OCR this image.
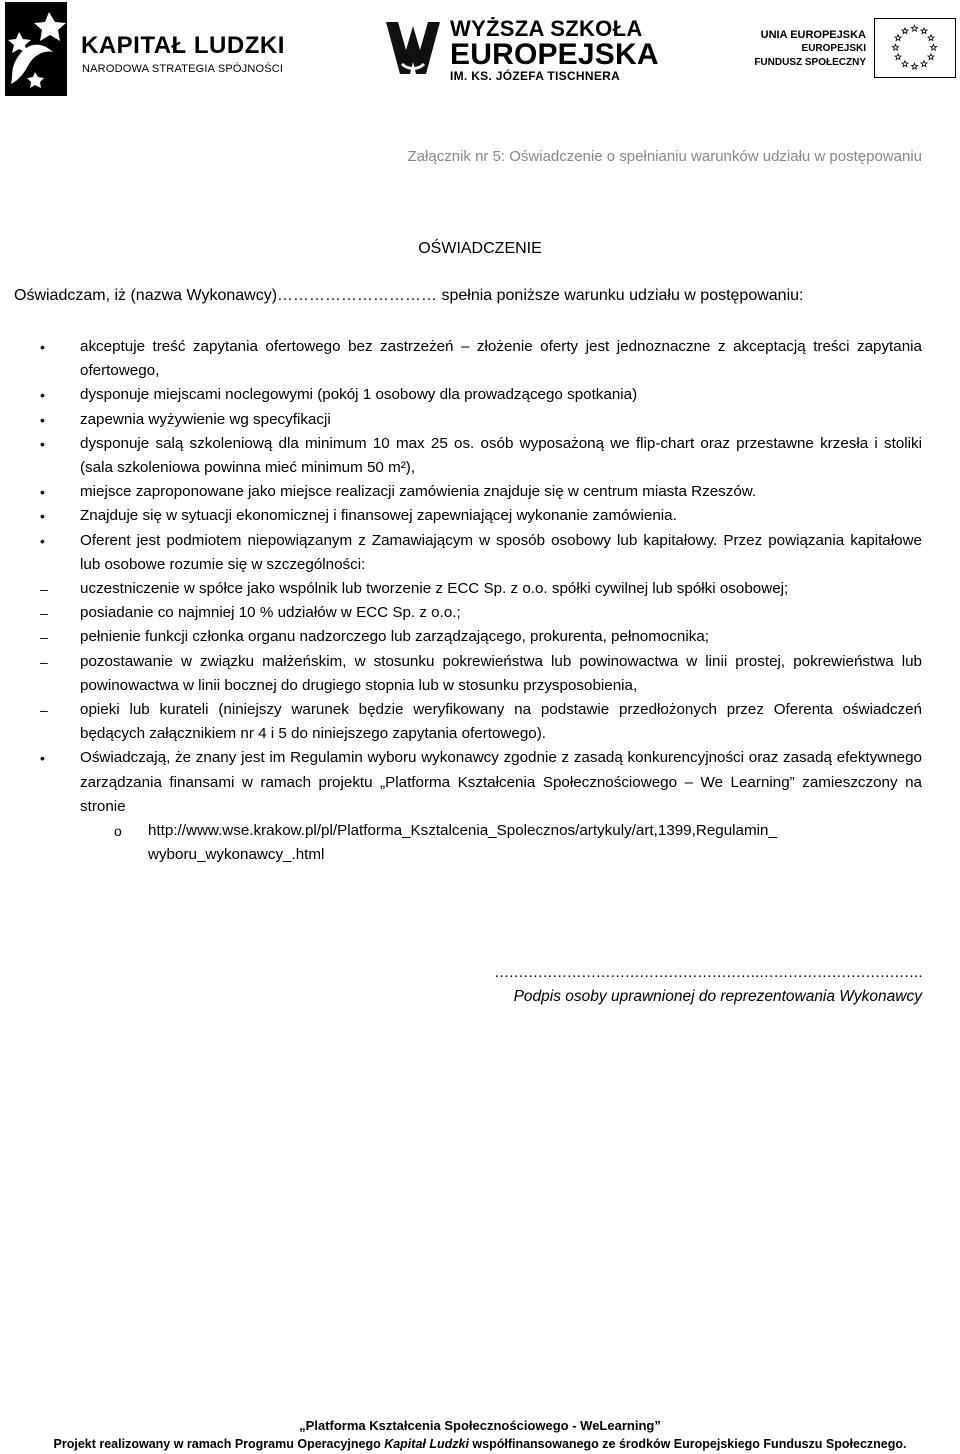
KAPITAŁ LUDZKI
NARODOWA STRATEGIA SPÓJNOŚCI
WYŻSZA SZKOŁA
EUROPEJSKA
IM. KS. JÓZEFA TISCHNERA
UNIA EUROPEJSKA
EUROPEJSKI
FUNDUSZ SPOŁECZNY
Załącznik nr 5: Oświadczenie o spełnianiu warunków udziału w postępowaniu
OŚWIADCZENIE
Oświadczam, iż (nazwa Wykonawcy)………………………… spełnia poniższe warunku udziału w postępowaniu:
• akceptuje treść zapytania ofertowego bez zastrzeżeń – złożenie oferty jest jednoznaczne z akceptacją treści zapytania ofertowego,
• dysponuje miejscami noclegowymi (pokój 1 osobowy dla prowadzącego spotkania)
• zapewnia wyżywienie wg specyfikacji
• dysponuje salą szkoleniową dla minimum 10 max 25 os. osób wyposażoną we flip-chart oraz przestawne krzesła i stoliki (sala szkoleniowa powinna mieć minimum 50 m²),
• miejsce zaproponowane jako miejsce realizacji zamówienia znajduje się w centrum miasta Rzeszów.
• Znajduje się w sytuacji ekonomicznej i finansowej zapewniającej wykonanie zamówienia.
• Oferent jest podmiotem niepowiązanym z Zamawiającym w sposób osobowy lub kapitałowy. Przez powiązania kapitałowe lub osobowe rozumie się w szczególności:
– uczestniczenie w spółce jako wspólnik lub tworzenie z ECC Sp. z o.o. spółki cywilnej lub spółki osobowej;
– posiadanie co najmniej 10 % udziałów w ECC Sp. z o.o.;
– pełnienie funkcji członka organu nadzorczego lub zarządzającego, prokurenta, pełnomocnika;
– pozostawanie w związku małżeńskim, w stosunku pokrewieństwa lub powinowactwa w linii prostej, pokrewieństwa lub powinowactwa w linii bocznej do drugiego stopnia lub w stosunku przysposobienia,
– opieki lub kurateli (niniejszy warunek będzie weryfikowany na podstawie przedłożonych przez Oferenta oświadczeń będących załącznikiem nr 4 i 5 do niniejszego zapytania ofertowego).
• Oświadczają, że znany jest im Regulamin wyboru wykonawcy zgodnie z zasadą konkurencyjności oraz zasadą efektywnego zarządzania finansami w ramach projektu „Platforma Kształcenia Społecznościowego – We Learning” zamieszczony na stronie
o http://www.wse.krakow.pl/pl/Platforma_Ksztalcenia_Spolecznos/artykuly/art,1399,Regulamin_
wyboru_wykonawcy_.html
……………………………………………….…………………………….
Podpis osoby uprawnionej do reprezentowania Wykonawcy
„Platforma Kształcenia Społecznościowego - WeLearning”
Projekt realizowany w ramach Programu Operacyjnego Kapitał Ludzki współfinansowanego ze środków Europejskiego Funduszu Społecznego.
